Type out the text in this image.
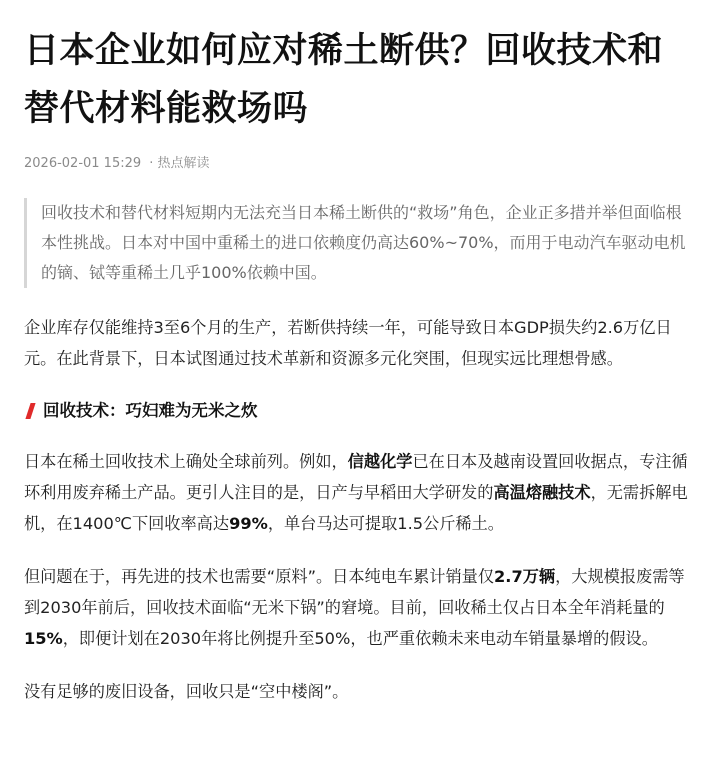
日本企业如何应对稀土断供？回收技术和替代材料能救场吗
2026-02-01 15:29 · 热点解读
回收技术和替代材料短期内无法充当日本稀土断供的“救场”角色，企业正多措并举但面临根本性挑战。日本对中国中重稀土的进口依赖度仍高达60%~70%，而用于电动汽车驱动电机的镝、铽等重稀土几乎100%依赖中国。

企业库存仅能维持3至6个月的生产，若断供持续一年，可能导致日本GDP损失约2.6万亿日元。在此背景下，日本试图通过技术革新和资源多元化突围，但现实远比理想骨感。

回收技术：巧妇难为无米之炊

日本在稀土回收技术上确处全球前列。例如，信越化学已在日本及越南设置回收据点，专注循环利用废弃稀土产品。更引人注目的是，日产与早稻田大学研发的高温熔融技术，无需拆解电机，在1400℃下回收率高达99%，单台马达可提取1.5公斤稀土。

但问题在于，再先进的技术也需要“原料”。日本纯电车累计销量仅2.7万辆，大规模报废需等到2030年前后，回收技术面临“无米下锅”的窘境。目前，回收稀土仅占日本全年消耗量的15%，即便计划在2030年将比例提升至50%，也严重依赖未来电动车销量暴增的假设。

没有足够的废旧设备，回收只是“空中楼阁”。
